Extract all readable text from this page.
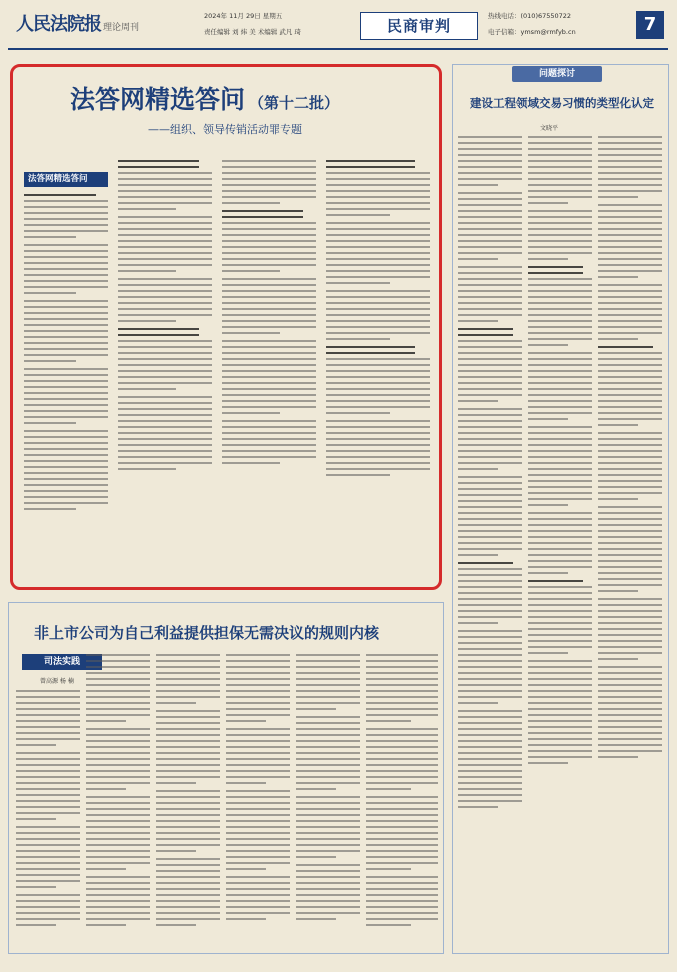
人民法院报 理论周刊
2024年 11月 29日 星期五
责任编辑 刘 炜 美 术编辑 武凡 琦	民商审判
热线电话：(010)67550722
电子信箱：ymsm@rmfyb.cn	7
法答网精选答问 （第十二批）
——组织、领导传销活动罪专题
法答网精选答问
问题探讨
建设工程领域交易习惯的类型化认定
文晓平
非上市公司为自己利益提供担保无需决议的规则内核
司法实践
曾高源 杨 楠
